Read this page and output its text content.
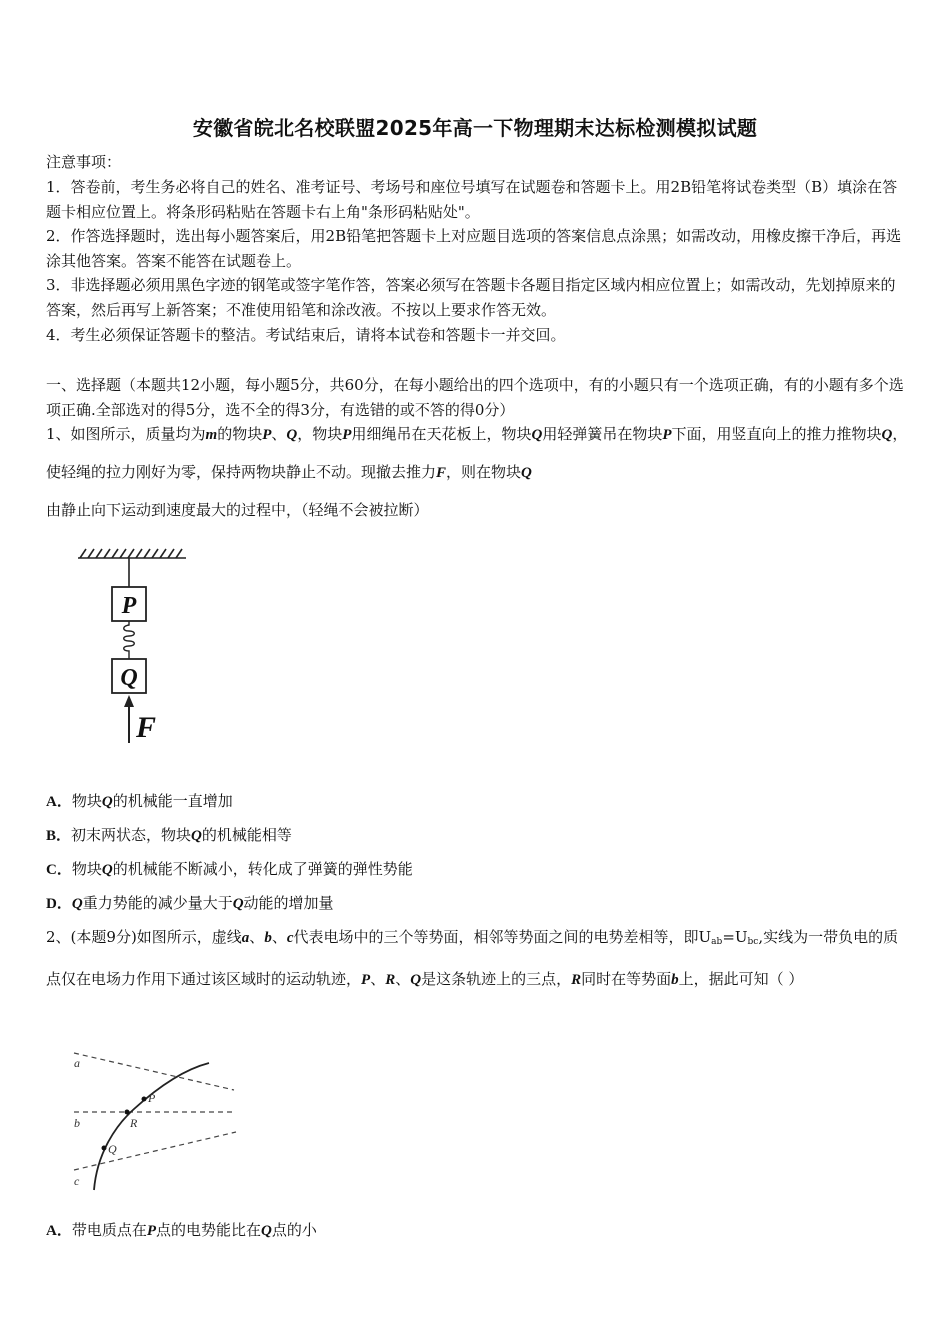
安徽省皖北名校联盟2025年高一下物理期末达标检测模拟试题

注意事项：

1．答卷前，考生务必将自己的姓名、准考证号、考场号和座位号填写在试题卷和答题卡上。用2B铅笔将试卷类型（B）填涂在答题卡相应位置上。将条形码粘贴在答题卡右上角"条形码粘贴处"。

2．作答选择题时，选出每小题答案后，用2B铅笔把答题卡上对应题目选项的答案信息点涂黑；如需改动，用橡皮擦干净后，再选涂其他答案。答案不能答在试题卷上。

3．非选择题必须用黑色字迹的钢笔或签字笔作答，答案必须写在答题卡各题目指定区域内相应位置上；如需改动，先划掉原来的答案，然后再写上新答案；不准使用铅笔和涂改液。不按以上要求作答无效。

4．考生必须保证答题卡的整洁。考试结束后，请将本试卷和答题卡一并交回。

一、选择题（本题共12小题，每小题5分，共60分，在每小题给出的四个选项中，有的小题只有一个选项正确，有的小题有多个选项正确.全部选对的得5分，选不全的得3分，有选错的或不答的得0分）

1、如图所示，质量均为m的物块P、Q，物块P用细绳吊在天花板上，物块Q用轻弹簧吊在物块P下面，用竖直向上的推力推物块Q，使轻绳的拉力刚好为零，保持两物块静止不动。现撤去推力F，则在物块Q由静止向下运动到速度最大的过程中，（轻绳不会被拉断）

P
Q
F

A．物块Q的机械能一直增加

B．初末两状态，物块Q的机械能相等

C．物块Q的机械能不断减小，转化成了弹簧的弹性势能

D．Q重力势能的减少量大于Q动能的增加量

2、(本题9分)如图所示，虚线a、b、c代表电场中的三个等势面，相邻等势面之间的电势差相等，即$U_{ab}=U_{bc}$,实线为一带负电的质点仅在电场力作用下通过该区域时的运动轨迹，P、R、Q是这条轨迹上的三点，R同时在等势面b上，据此可知（ ）

a
b
c
P
R
Q

A．带电质点在P点的电势能比在Q点的小
